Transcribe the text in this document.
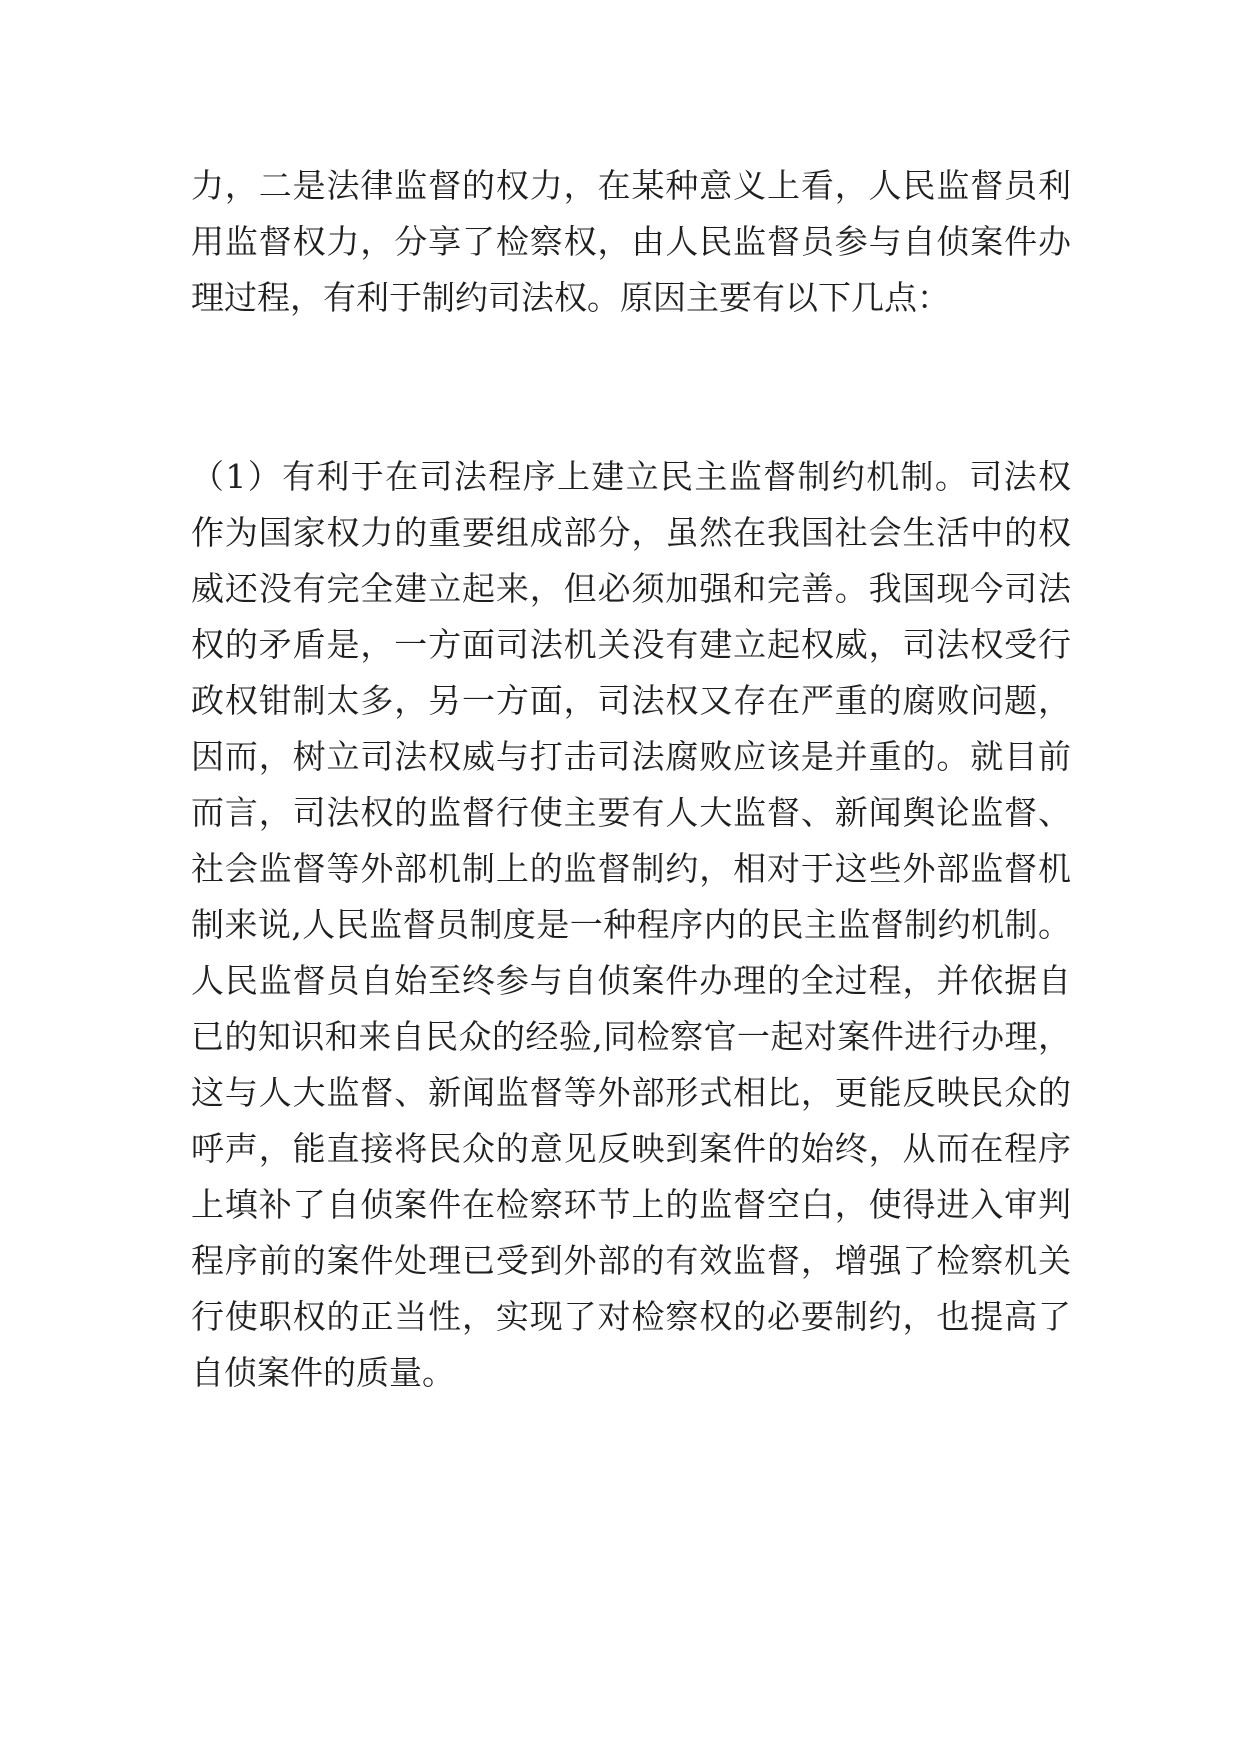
力，二是法律监督的权力，在某种意义上看，人民监督员利
用监督权力，分享了检察权，由人民监督员参与自侦案件办
理过程，有利于制约司法权。原因主要有以下几点：
（1）有利于在司法程序上建立民主监督制约机制。司法权
作为国家权力的重要组成部分，虽然在我国社会生活中的权
威还没有完全建立起来，但必须加强和完善。我国现今司法
权的矛盾是，一方面司法机关没有建立起权威，司法权受行
政权钳制太多，另一方面，司法权又存在严重的腐败问题，
因而，树立司法权威与打击司法腐败应该是并重的。就目前
而言，司法权的监督行使主要有人大监督、新闻舆论监督、
社会监督等外部机制上的监督制约，相对于这些外部监督机
制来说,人民监督员制度是一种程序内的民主监督制约机制。
人民监督员自始至终参与自侦案件办理的全过程，并依据自
已的知识和来自民众的经验,同检察官一起对案件进行办理，
这与人大监督、新闻监督等外部形式相比，更能反映民众的
呼声，能直接将民众的意见反映到案件的始终，从而在程序
上填补了自侦案件在检察环节上的监督空白，使得进入审判
程序前的案件处理已受到外部的有效监督，增强了检察机关
行使职权的正当性，实现了对检察权的必要制约，也提高了
自侦案件的质量。
